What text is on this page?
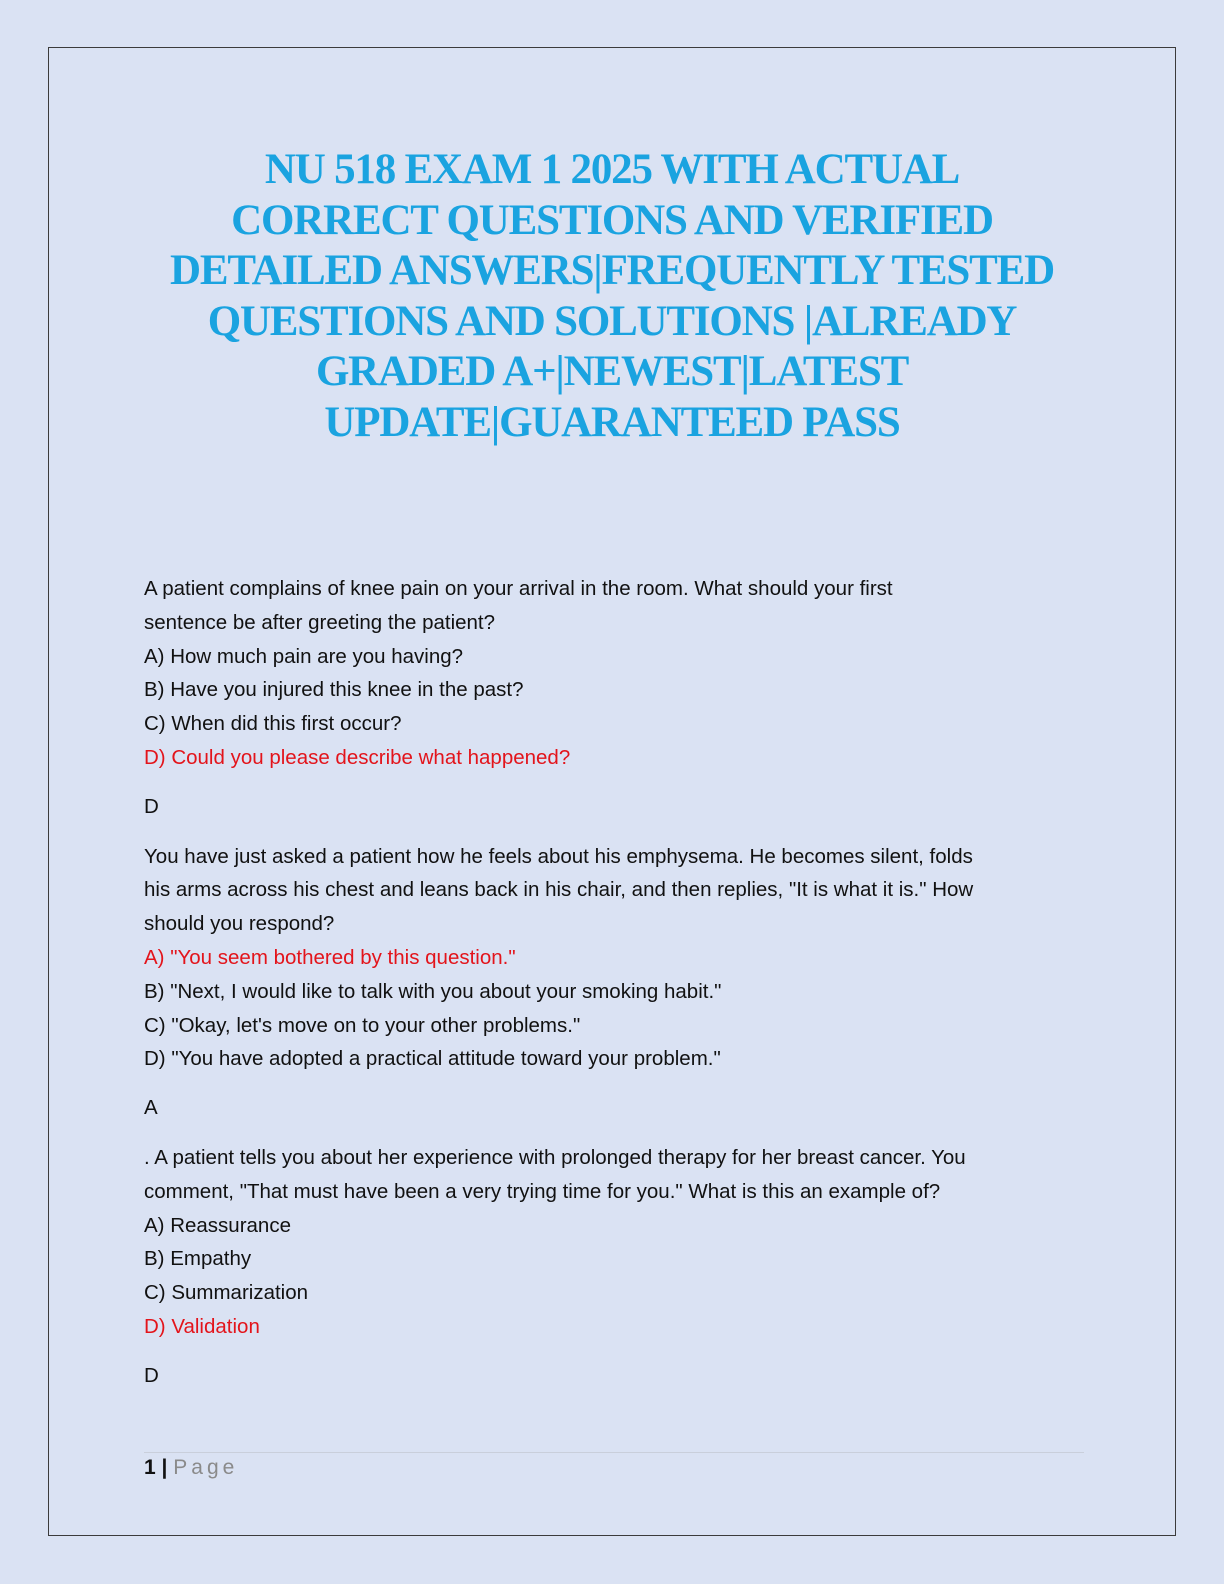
NU 518 EXAM 1 2025 WITH ACTUAL
CORRECT QUESTIONS AND VERIFIED
DETAILED ANSWERS|FREQUENTLY TESTED
QUESTIONS AND SOLUTIONS |ALREADY
GRADED A+|NEWEST|LATEST
UPDATE|GUARANTEED PASS
A patient complains of knee pain on your arrival in the room. What should your first
sentence be after greeting the patient?
A) How much pain are you having?
B) Have you injured this knee in the past?
C) When did this first occur?
D) Could you please describe what happened?
D
You have just asked a patient how he feels about his emphysema. He becomes silent, folds
his arms across his chest and leans back in his chair, and then replies, "It is what it is." How
should you respond?
A) "You seem bothered by this question."
B) "Next, I would like to talk with you about your smoking habit."
C) "Okay, let's move on to your other problems."
D) "You have adopted a practical attitude toward your problem."
A
. A patient tells you about her experience with prolonged therapy for her breast cancer. You
comment, "That must have been a very trying time for you." What is this an example of?
A) Reassurance
B) Empathy
C) Summarization
D) Validation
D
1 | Page
